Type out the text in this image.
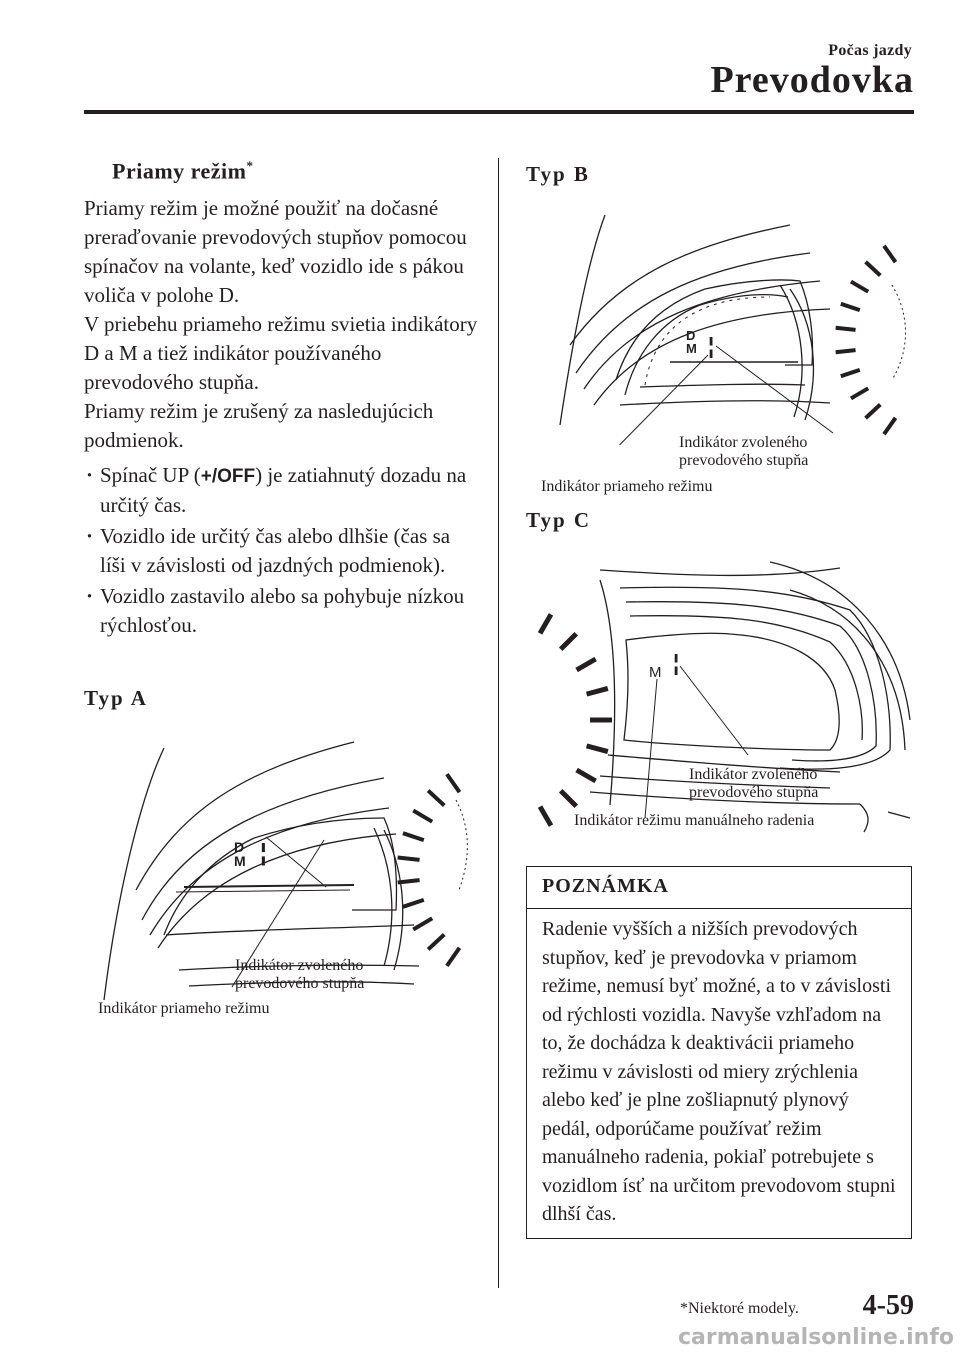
Počas jazdy
Prevodovka
Priamy režim*

Priamy režim je možné použiť na dočasné preraďovanie prevodových stupňov pomocou spínačov na volante, keď vozidlo ide s pákou voliča v polohe D.

V priebehu priameho režimu svietia indikátory D a M a tiež indikátor používaného prevodového stupňa.

Priamy režim je zrušený za nasledujúcich podmienok.

· Spínač UP (+/OFF) je zatiahnutý dozadu na určitý čas.
· Vozidlo ide určitý čas alebo dlhšie (čas sa líši v závislosti od jazdných podmienok).
· Vozidlo zastavilo alebo sa pohybuje nízkou rýchlosťou.
Typ A
D
M ¦
Indikátor zvoleného
prevodového stupňa
Indikátor priameho režimu
Typ B
D
M ¦
Indikátor zvoleného
prevodového stupňa
Indikátor priameho režimu
Typ C
M ¦
Indikátor zvoleného
prevodového stupňa
Indikátor režimu manuálneho radenia
POZNÁMKA
Radenie vyšších a nižších prevodových stupňov, keď je prevodovka v priamom režime, nemusí byť možné, a to v závislosti od rýchlosti vozidla. Navyše vzhľadom na to, že dochádza k deaktivácii priameho režimu v závislosti od miery zrýchlenia alebo keď je plne zošliapnutý plynový pedál, odporúčame používať režim manuálneho radenia, pokiaľ potrebujete s vozidlom ísť na určitom prevodovom stupni dlhší čas.
*Niektoré modely. 4-59
carmanualsonline.info
